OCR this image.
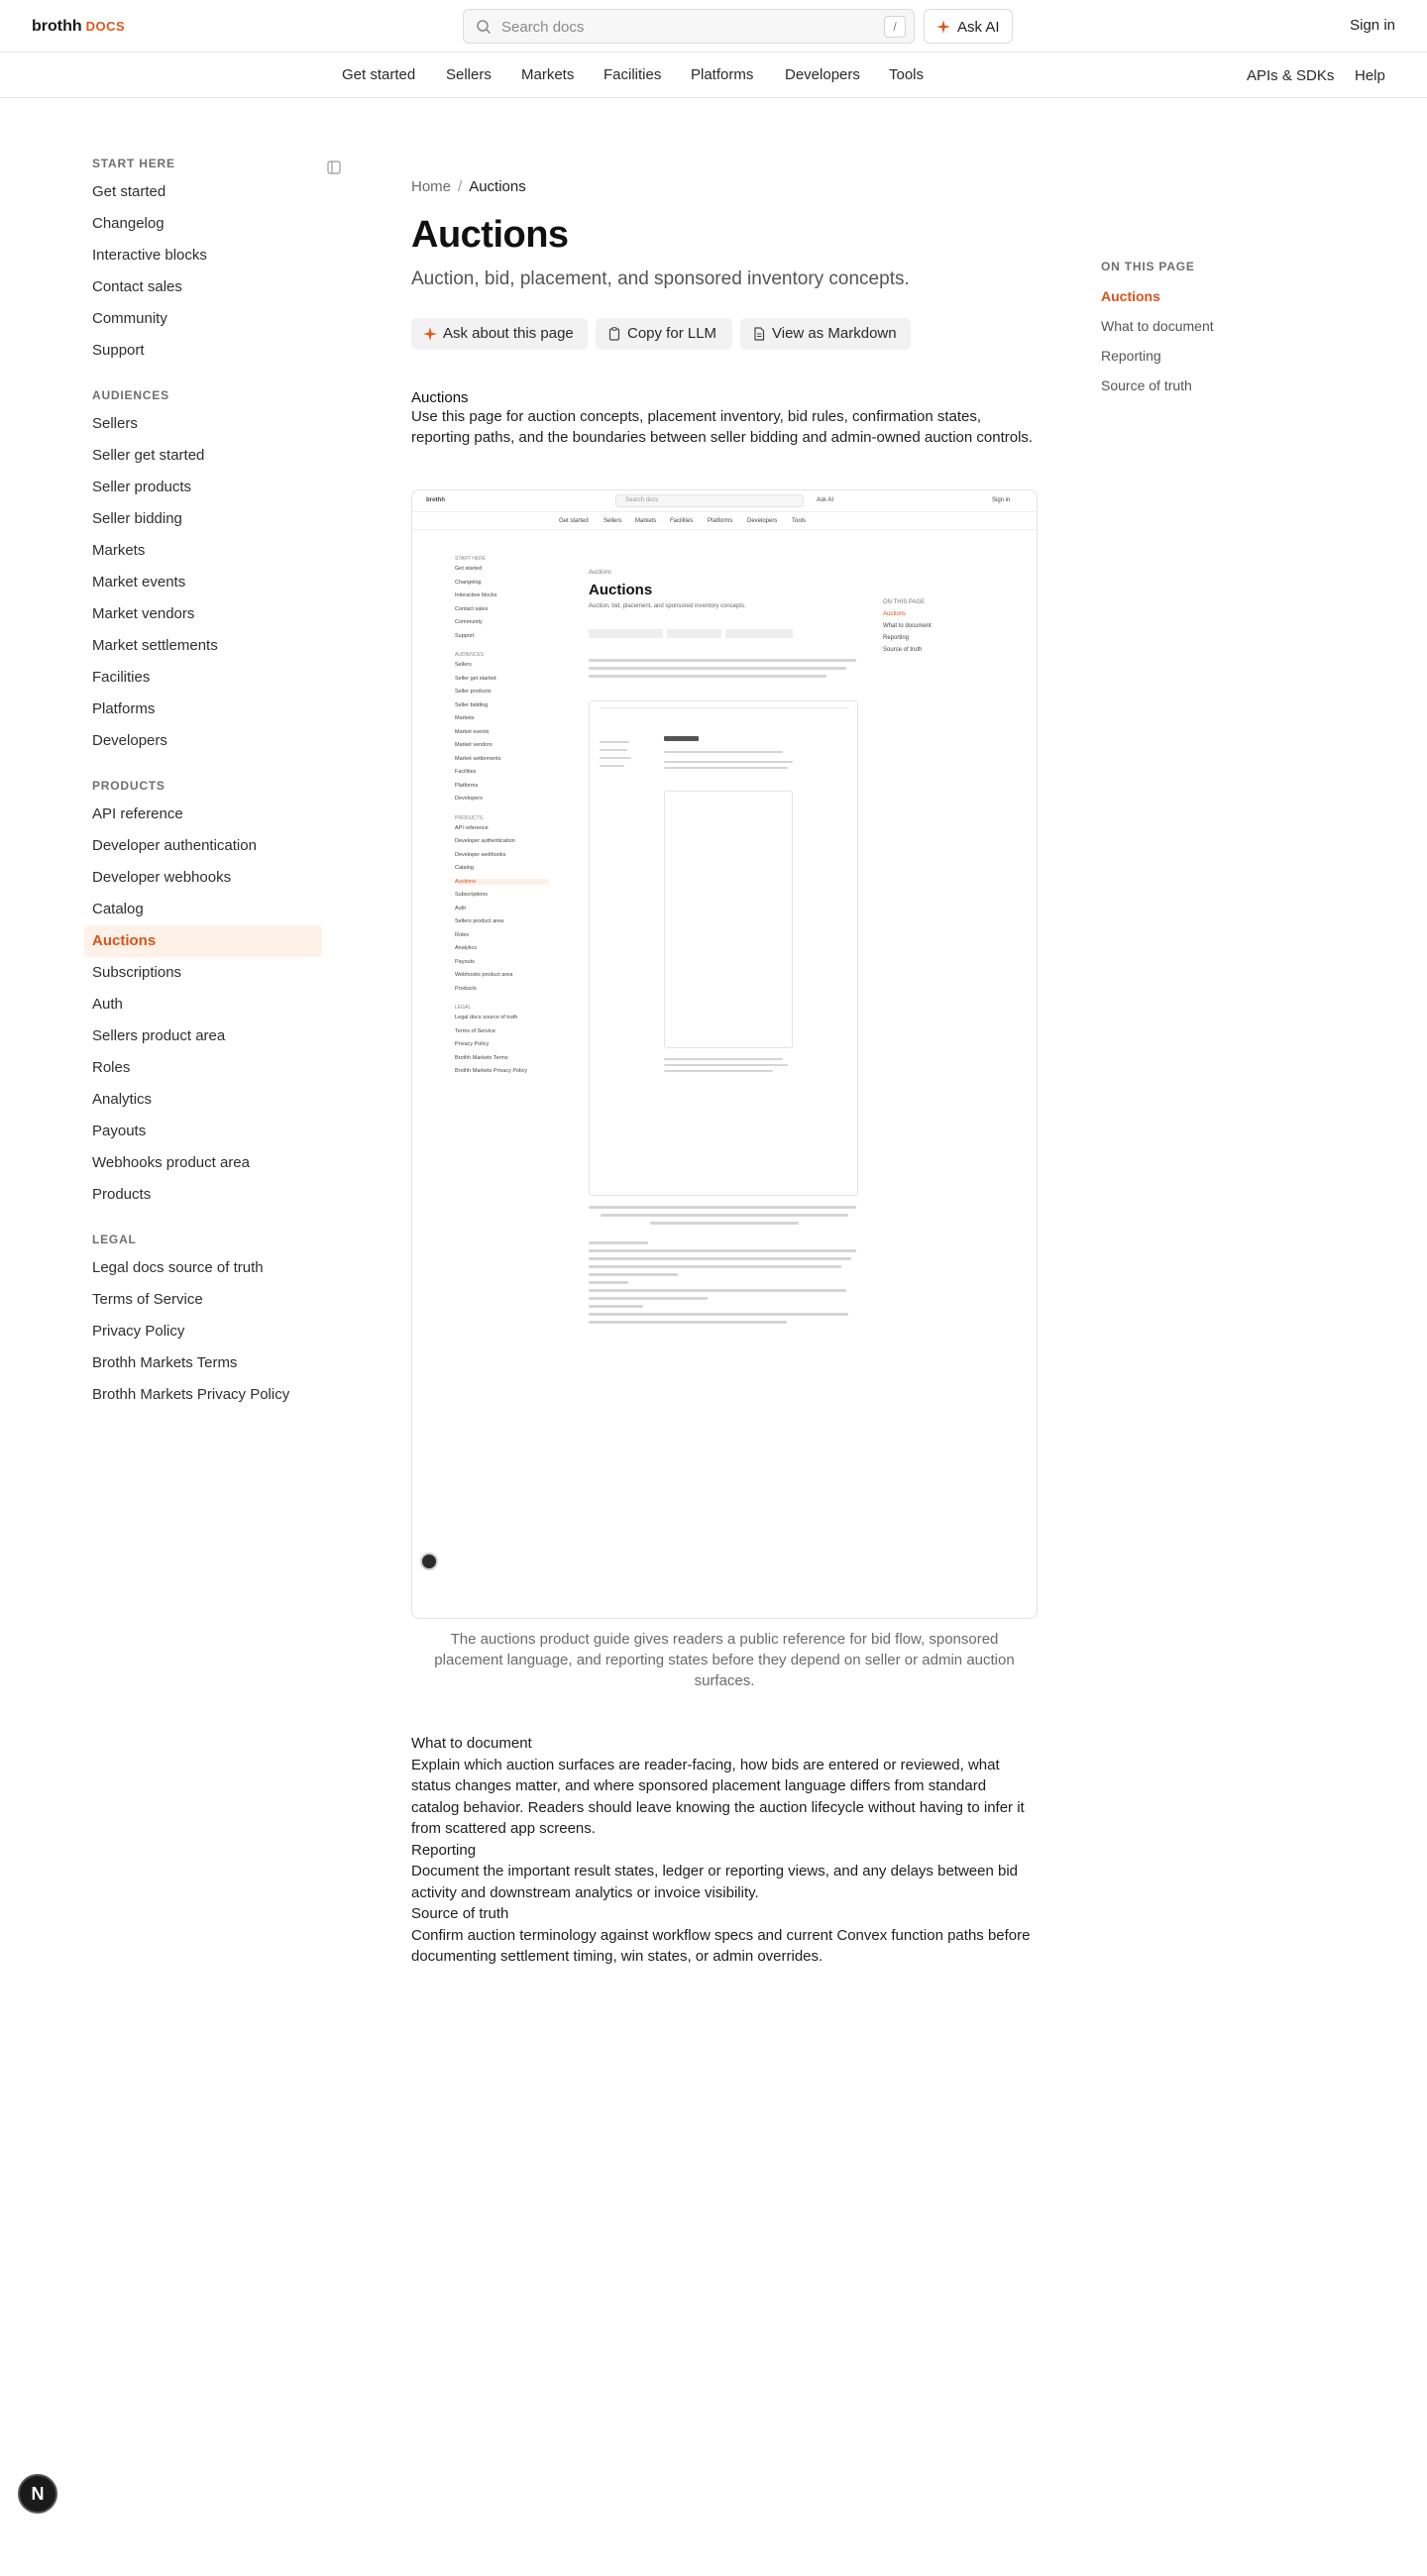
brothh DOCS	Search docs	/	Ask AI	Sign in
Get started Sellers Markets Facilities Platforms Developers Tools	APIs & SDKs Help
START HERE
Get started
Changelog
Interactive blocks
Contact sales
Community
Support
AUDIENCES
Sellers
Seller get started
Seller products
Seller bidding
Markets
Market events
Market vendors
Market settlements
Facilities
Platforms
Developers
PRODUCTS
API reference
Developer authentication
Developer webhooks
Catalog
Auctions
Subscriptions
Auth
Sellers product area
Roles
Analytics
Payouts
Webhooks product area
Products
LEGAL
Legal docs source of truth
Terms of Service
Privacy Policy
Brothh Markets Terms
Brothh Markets Privacy Policy
Home / Auctions
Auctions
Auction, bid, placement, and sponsored inventory concepts.
Ask about this page	Copy for LLM	View as Markdown
Auctions
Use this page for auction concepts, placement inventory, bid rules, confirmation states, reporting paths, and the boundaries between seller bidding and admin-owned auction controls.
brothh	Search docs	Ask AI	Sign in
Get started	Sellers Markets Facilities Platforms Developers Tools
Auctions
Auctions
Auction, bid, placement, and sponsored inventory concepts.
ON THIS PAGE
Auctions
What to document
Reporting
Source of truth
START HERE
Get started
Changelog
Interactive blocks
Contact sales
Community
Support
AUDIENCES
Sellers
Seller get started
Seller products
Seller bidding
Markets
Market events
Market vendors
Market settlements
Facilities
Platforms
Developers
PRODUCTS
API reference
Developer authentication
Developer webhooks
Catalog
Auctions
Subscriptions
Auth
Sellers product area
Roles
Analytics
Payouts
Webhooks product area
Products
LEGAL
Legal docs source of truth
Terms of Service
Privacy Policy
Brothh Markets Terms
Brothh Markets Privacy Policy
The auctions product guide gives readers a public reference for bid flow, sponsored placement language, and reporting states before they depend on seller or admin auction surfaces.
What to document
Explain which auction surfaces are reader-facing, how bids are entered or reviewed, what status changes matter, and where sponsored placement language differs from standard catalog behavior. Readers should leave knowing the auction lifecycle without having to infer it from scattered app screens.
Reporting
Document the important result states, ledger or reporting views, and any delays between bid activity and downstream analytics or invoice visibility.
Source of truth
Confirm auction terminology against workflow specs and current Convex function paths before documenting settlement timing, win states, or admin overrides.
ON THIS PAGE
Auctions
What to document
Reporting
Source of truth
N
